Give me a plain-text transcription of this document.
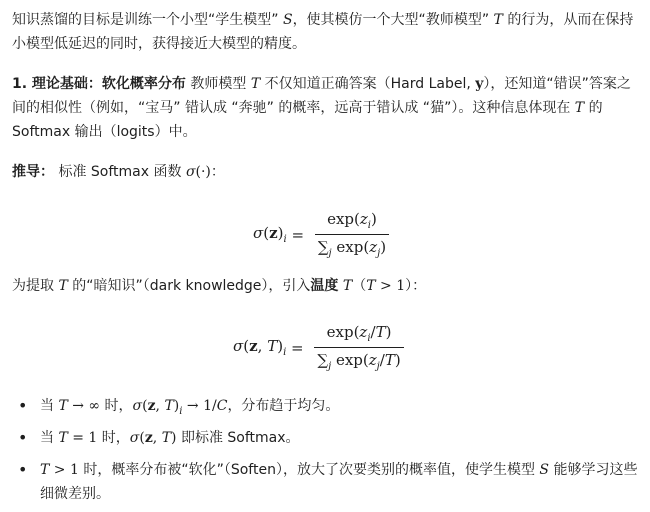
知识蒸馏的目标是训练一个小型“学生模型” S，使其模仿一个大型“教师模型” T 的行为，从而在保持小模型低延迟的同时，获得接近大模型的精度。

1. 理论基础：软化概率分布 教师模型 T 不仅知道正确答案（Hard Label, y），还知道“错误”答案之间的相似性（例如，“宝马” 错认成 “奔驰” 的概率，远高于错认成 “猫”）。这种信息体现在 T 的Softmax 输出（logits）中。

推导： 标准 Softmax 函数 σ(·)：

$\sigma(z)_i = \frac{\exp(z_i)}{\sum_j \exp(z_j)}$

为提取 T 的“暗知识”（dark knowledge），引入温度 T（T > 1）：

σ(z, $T)_i = \frac{\exp(z_i/T)}{\sum_j \exp(z_j/T)}$
• 当 T → ∞ 时，σ(z, $T)_i \to 1/C$，分布趋于均匀。
• 当 T = 1 时，σ(z, T) 即标准 Softmax。
• T > 1 时，概率分布被“软化”（Soften），放大了次要类别的概率值，使学生模型 S 能够学习这些细微差别。
